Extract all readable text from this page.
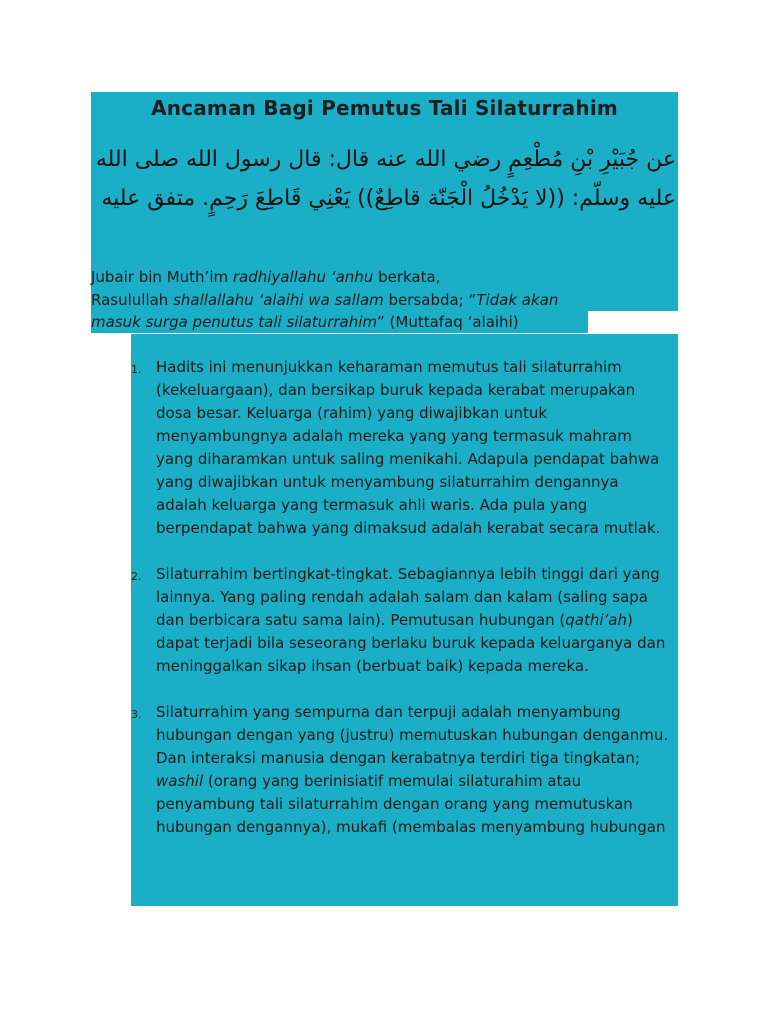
Ancaman Bagi Pemutus Tali Silaturrahim

عن جُبَيْرِ بْنِ مُطْعِمٍ رضي الله عنه قال: قال رسول الله صلى الله عليه وسلّم: ((لا يَدْخُلُ الْجَنّة قاطِعٌ)) يَعْنِي قَاطِعَ رَحِمٍ. متفق عليه

Jubair bin Muth’im radhiyallahu ‘anhu berkata,
Rasulullah shallallahu ‘alaihi wa sallam bersabda; “Tidak akan
masuk surga penutus tali silaturrahim” (Muttafaq ‘alaihi)
1. Hadits ini menunjukkan keharaman memutus tali silaturrahim (kekeluargaan), dan bersikap buruk kepada kerabat merupakan dosa besar. Keluarga (rahim) yang diwajibkan untuk menyambungnya adalah mereka yang yang termasuk mahram yang diharamkan untuk saling menikahi. Adapula pendapat bahwa yang diwajibkan untuk menyambung silaturrahim dengannya adalah keluarga yang termasuk ahli waris. Ada pula yang berpendapat bahwa yang dimaksud adalah kerabat secara mutlak.
2. Silaturrahim bertingkat-tingkat. Sebagiannya lebih tinggi dari yang lainnya. Yang paling rendah adalah salam dan kalam (saling sapa dan berbicara satu sama lain). Pemutusan hubungan (qathi’ah) dapat terjadi bila seseorang berlaku buruk kepada keluarganya dan meninggalkan sikap ihsan (berbuat baik) kepada mereka.
3. Silaturrahim yang sempurna dan terpuji adalah menyambung hubungan dengan yang (justru) memutuskan hubungan denganmu. Dan interaksi manusia dengan kerabatnya terdiri tiga tingkatan; washil (orang yang berinisiatif memulai silaturahim atau penyambung tali silaturrahim dengan orang yang memutuskan hubungan dengannya), mukafi (membalas menyambung hubungan
